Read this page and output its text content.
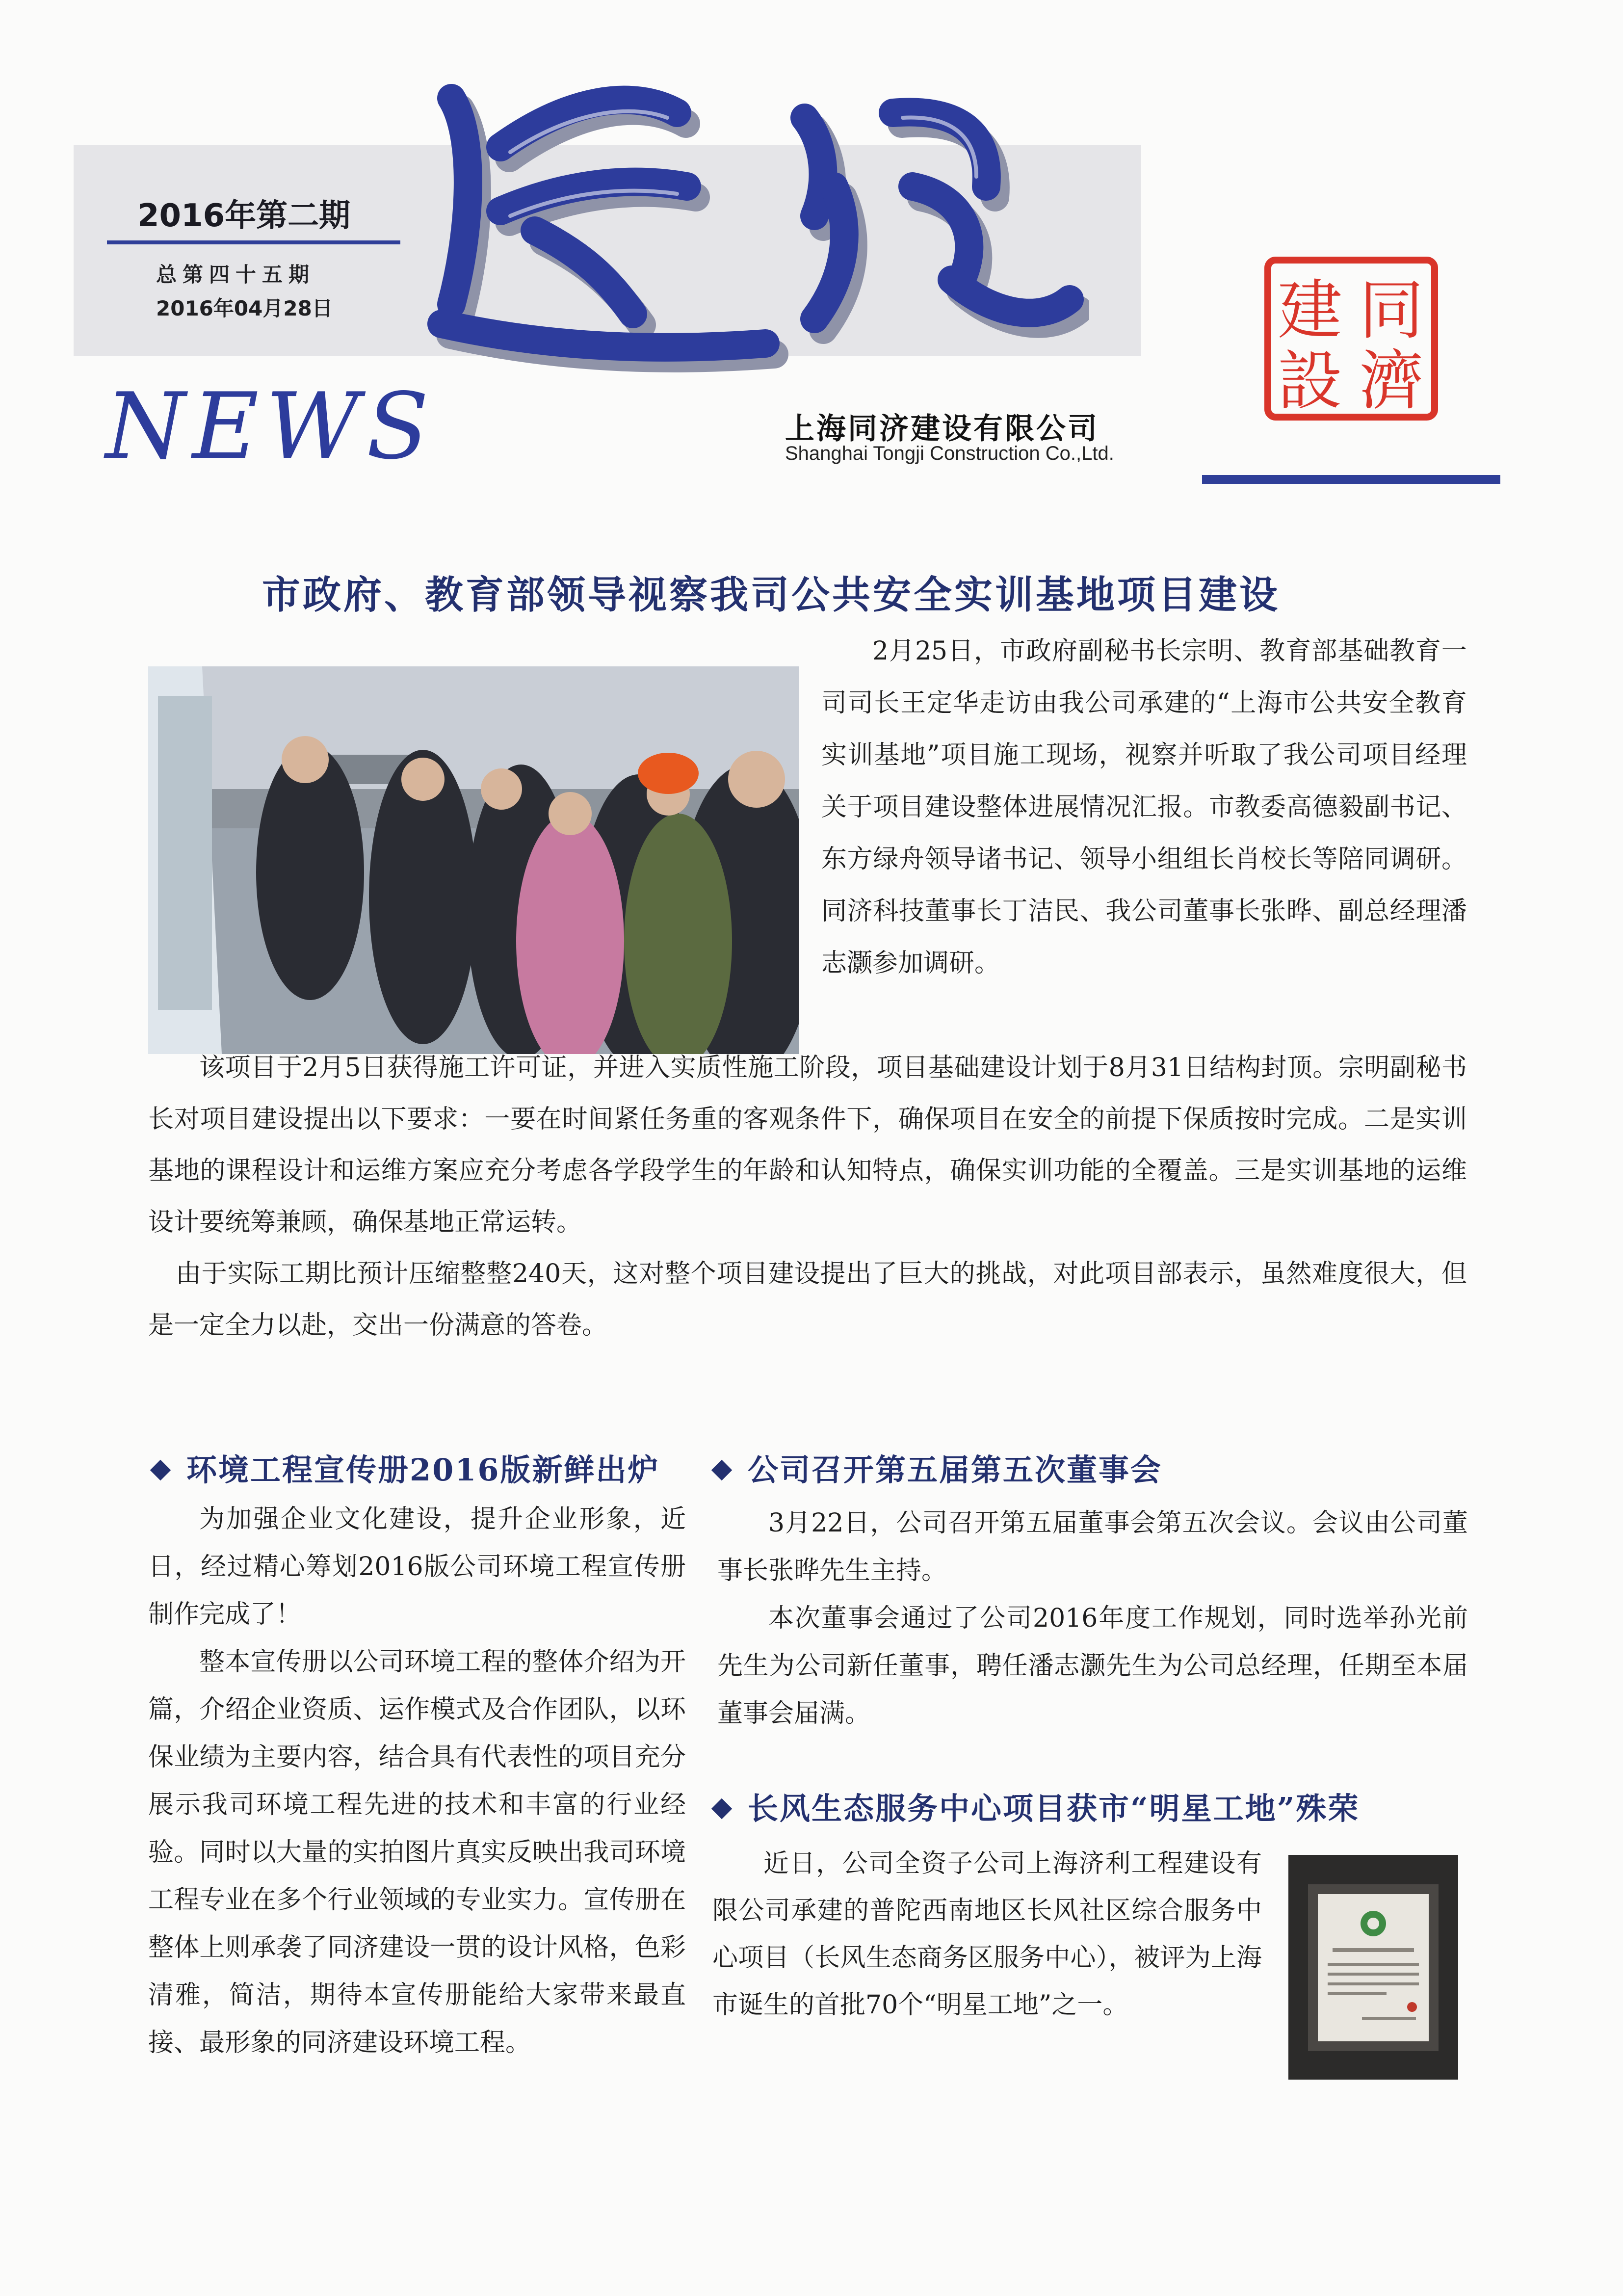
2016年第二期
总第四十五期
2016年04月28日
NEWS	上海同济建设有限公司
Shanghai Tongji Construction Co.,Ltd.
同
濟
建
設
市政府、教育部领导视察我司公共安全实训基地项目建设

2月25日，市政府副秘书长宗明、教育部基础教育一司司长王定华走访由我公司承建的“上海市公共安全教育实训基地”项目施工现场，视察并听取了我公司项目经理关于项目建设整体进展情况汇报。市教委高德毅副书记、东方绿舟领导诸书记、领导小组组长肖校长等陪同调研。同济科技董事长丁洁民、我公司董事长张晔、副总经理潘志灏参加调研。

该项目于2月5日获得施工许可证，并进入实质性施工阶段，项目基础建设计划于8月31日结构封顶。宗明副秘书长对项目建设提出以下要求：一要在时间紧任务重的客观条件下，确保项目在安全的前提下保质按时完成。二是实训基地的课程设计和运维方案应充分考虑各学段学生的年龄和认知特点，确保实训功能的全覆盖。三是实训基地的运维设计要统筹兼顾，确保基地正常运转。

由于实际工期比预计压缩整整240天，这对整个项目建设提出了巨大的挑战，对此项目部表示，虽然难度很大，但是一定全力以赴，交出一份满意的答卷。

环境工程宣传册2016版新鲜出炉

为加强企业文化建设，提升企业形象，近日，经过精心筹划2016版公司环境工程宣传册制作完成了！

整本宣传册以公司环境工程的整体介绍为开篇，介绍企业资质、运作模式及合作团队，以环保业绩为主要内容，结合具有代表性的项目充分展示我司环境工程先进的技术和丰富的行业经验。同时以大量的实拍图片真实反映出我司环境工程专业在多个行业领域的专业实力。宣传册在整体上则承袭了同济建设一贯的设计风格，色彩清雅，简洁，期待本宣传册能给大家带来最直接、最形象的同济建设环境工程。

公司召开第五届第五次董事会

3月22日，公司召开第五届董事会第五次会议。会议由公司董事长张晔先生主持。

本次董事会通过了公司2016年度工作规划，同时选举孙光前先生为公司新任董事，聘任潘志灏先生为公司总经理，任期至本届董事会届满。

长风生态服务中心项目获市“明星工地”殊荣

近日，公司全资子公司上海济利工程建设有限公司承建的普陀西南地区长风社区综合服务中心项目（长风生态商务区服务中心），被评为上海市诞生的首批70个“明星工地”之一。
